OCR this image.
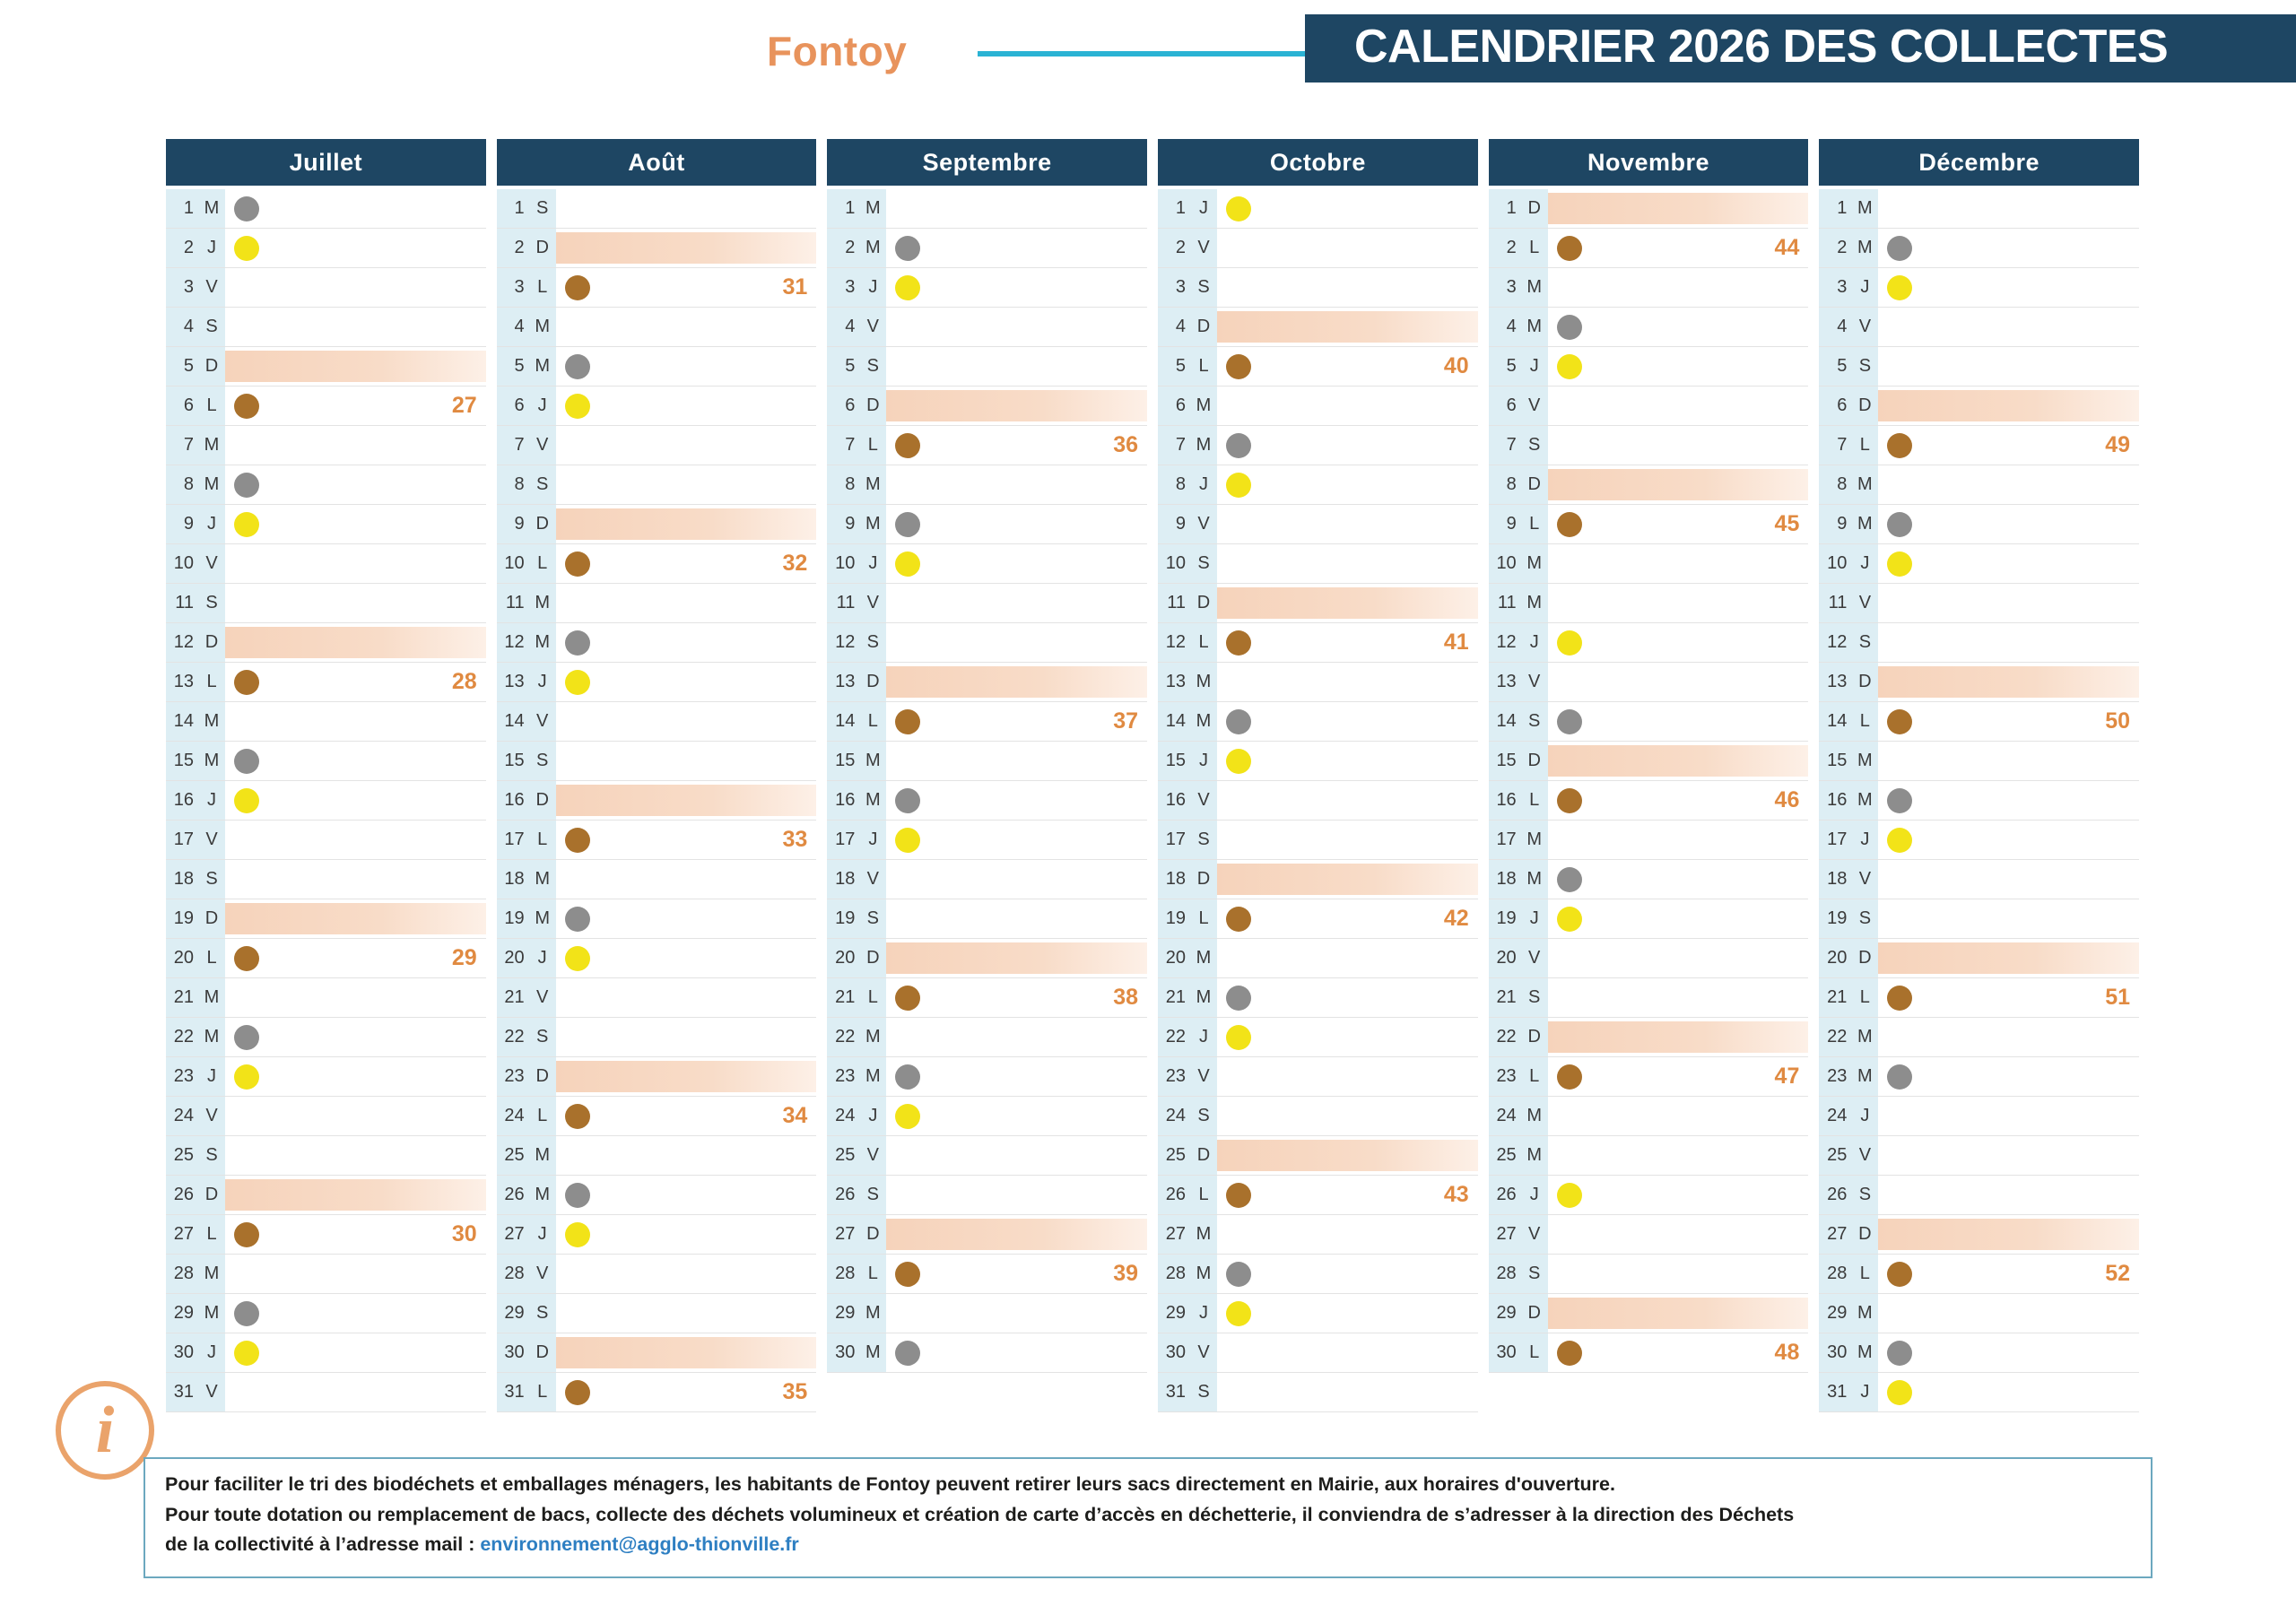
Fontoy	CALENDRIER 2026 DES COLLECTES
Juillet
1 M
2 J
3 V
4 S
5 D
6 L	27
7 M
8 M
9 J
10 V
11 S
12 D
13 L	28
14 M
15 M
16 J
17 V
18 S
19 D
20 L	29
21 M
22 M
23 J
24 V
25 S
26 D
27 L	30
28 M
29 M
30 J
31 V
Août
1 S
2 D
3 L	31
4 M
5 M
6 J
7 V
8 S
9 D
10 L	32
11 M
12 M
13 J
14 V
15 S
16 D
17 L	33
18 M
19 M
20 J
21 V
22 S
23 D
24 L	34
25 M
26 M
27 J
28 V
29 S
30 D
31 L	35
Septembre
1 M
2 M
3 J
4 V
5 S
6 D
7 L	36
8 M
9 M
10 J
11 V
12 S
13 D
14 L	37
15 M
16 M
17 J
18 V
19 S
20 D
21 L	38
22 M
23 M
24 J
25 V
26 S
27 D
28 L	39
29 M
30 M
Octobre
1 J
2 V
3 S
4 D
5 L	40
6 M
7 M
8 J
9 V
10 S
11 D
12 L	41
13 M
14 M
15 J
16 V
17 S
18 D
19 L	42
20 M
21 M
22 J
23 V
24 S
25 D
26 L	43
27 M
28 M
29 J
30 V
31 S
Novembre
1 D
2 L	44
3 M
4 M
5 J
6 V
7 S
8 D
9 L	45
10 M
11 M
12 J
13 V
14 S
15 D
16 L	46
17 M
18 M
19 J
20 V
21 S
22 D
23 L	47
24 M
25 M
26 J
27 V
28 S
29 D
30 L	48
Décembre
1 M
2 M
3 J
4 V
5 S
6 D
7 L	49
8 M
9 M
10 J
11 V
12 S
13 D
14 L	50
15 M
16 M
17 J
18 V
19 S
20 D
21 L	51
22 M
23 M
24 J
25 V
26 S
27 D
28 L	52
29 M
30 M
31 J
i

Pour faciliter le tri des biodéchets et emballages ménagers, les habitants de Fontoy peuvent retirer leurs sacs directement en Mairie, aux horaires d'ouverture.

Pour toute dotation ou remplacement de bacs, collecte des déchets volumineux et création de carte d’accès en déchetterie, il conviendra de s’adresser à la direction des Déchets

de la collectivité à l’adresse mail : environnement@agglo-thionville.fr
